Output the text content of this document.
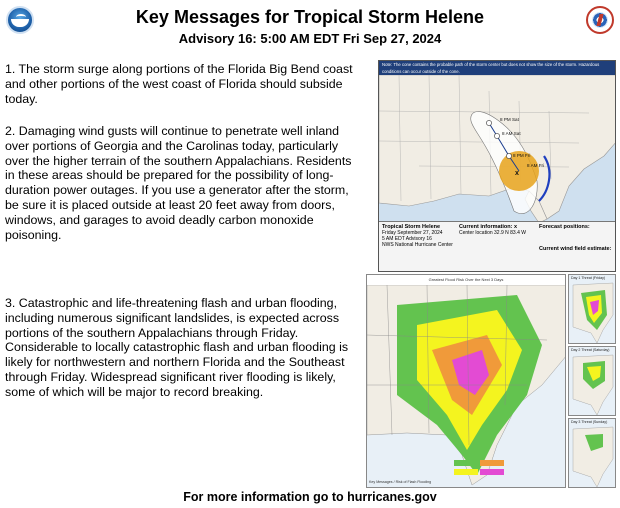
Key Messages for Tropical Storm Helene
Advisory 16: 5:00 AM EDT Fri Sep 27, 2024
1. The storm surge along portions of the Florida Big Bend coast and other portions of the west coast of Florida should subside today.
2. Damaging wind gusts will continue to penetrate well inland over portions of Georgia and the Carolinas today, particularly over the higher terrain of the southern Appalachians. Residents in these areas should be prepared for the possibility of long-duration power outages. If you use a generator after the storm, be sure it is placed outside at least 20 feet away from doors, windows, and garages to avoid deadly carbon monoxide poisoning.
3. Catastrophic and life-threatening flash and urban flooding, including numerous significant landslides, is expected across portions of the southern Appalachians through Friday. Considerable to locally catastrophic flash and urban flooding is likely for northwestern and northern Florida and the Southeast through Friday. Widespread significant river flooding is likely, some of which will be major to record breaking.
x
8 PM Sat
8 AM Sat
8 PM Fri
8 AM Fri
Note: The cone contains the probable path of the storm center but does not show the size of the storm. Hazardous conditions can occur outside of the cone.
Tropical Storm Helene
Friday September 27, 2024
5 AM EDT Advisory 16
NWS National Hurricane Center
Current information: x
Center location 32.9 N 83.4 W
Forecast positions:
Current wind field estimate:
Greatest Flood Risk Over the Next 3 Days
Key Messages / Risk of Flash Flooding

Day 1 Threat (Friday)
Day 2 Threat (Saturday)
Day 3 Threat (Sunday)
For more information go to hurricanes.gov
